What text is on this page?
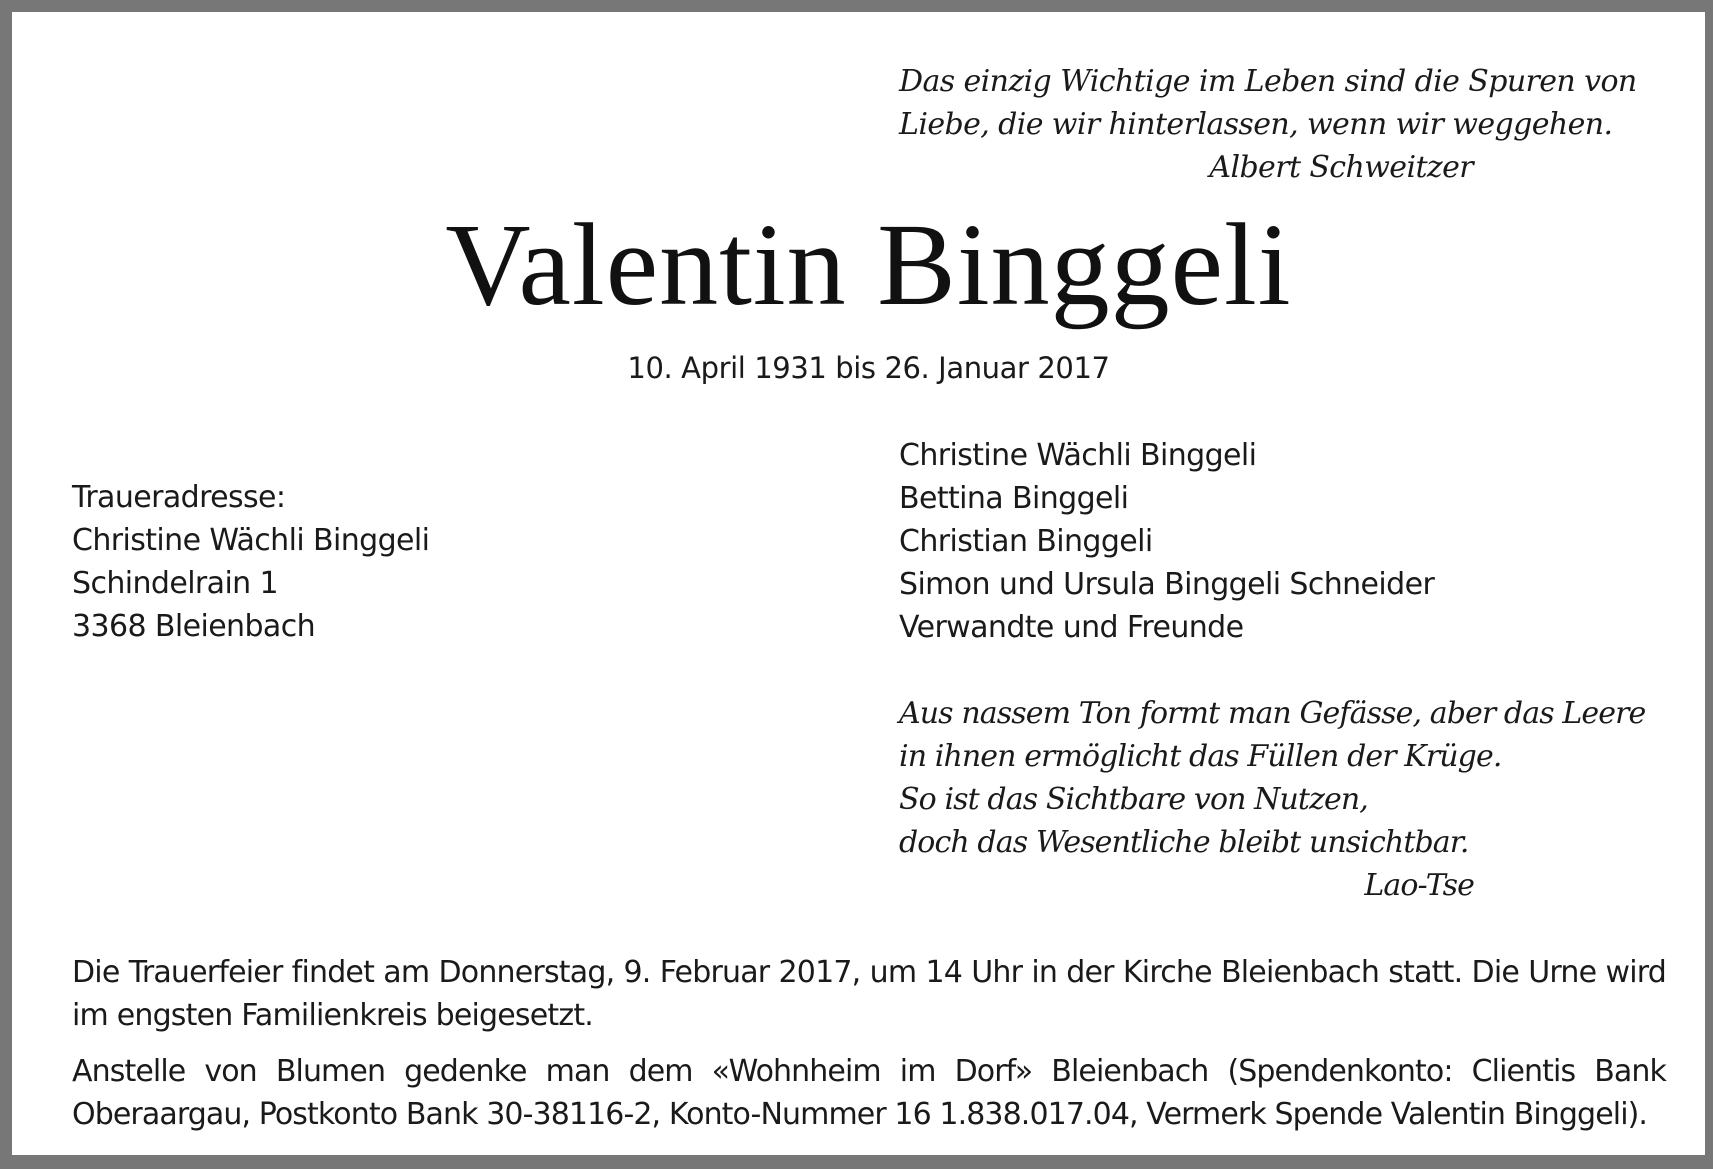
Das einzig Wichtige im Leben sind die Spuren von
Liebe, die wir hinterlassen, wenn wir weggehen.
Albert Schweitzer
Valentin Binggeli
10. April 1931 bis 26. Januar 2017
Traueradresse:
Christine Wächli Binggeli
Schindelrain 1
3368 Bleienbach
Christine Wächli Binggeli
Bettina Binggeli
Christian Binggeli
Simon und Ursula Binggeli Schneider
Verwandte und Freunde
Aus nassem Ton formt man Gefässe, aber das Leere
in ihnen ermöglicht das Füllen der Krüge.
So ist das Sichtbare von Nutzen,
doch das Wesentliche bleibt unsichtbar.
Lao-Tse
Die Trauerfeier findet am Donnerstag, 9. Februar 2017, um 14 Uhr in der Kirche Bleienbach statt. Die Urne wird im engsten Familienkreis beigesetzt.
Anstelle von Blumen gedenke man dem «Wohnheim im Dorf» Bleienbach (Spendenkonto: Clientis Bank Oberaargau, Postkonto Bank 30-38116-2, Konto-Nummer 16 1.838.017.04, Vermerk Spende Valentin Binggeli).
